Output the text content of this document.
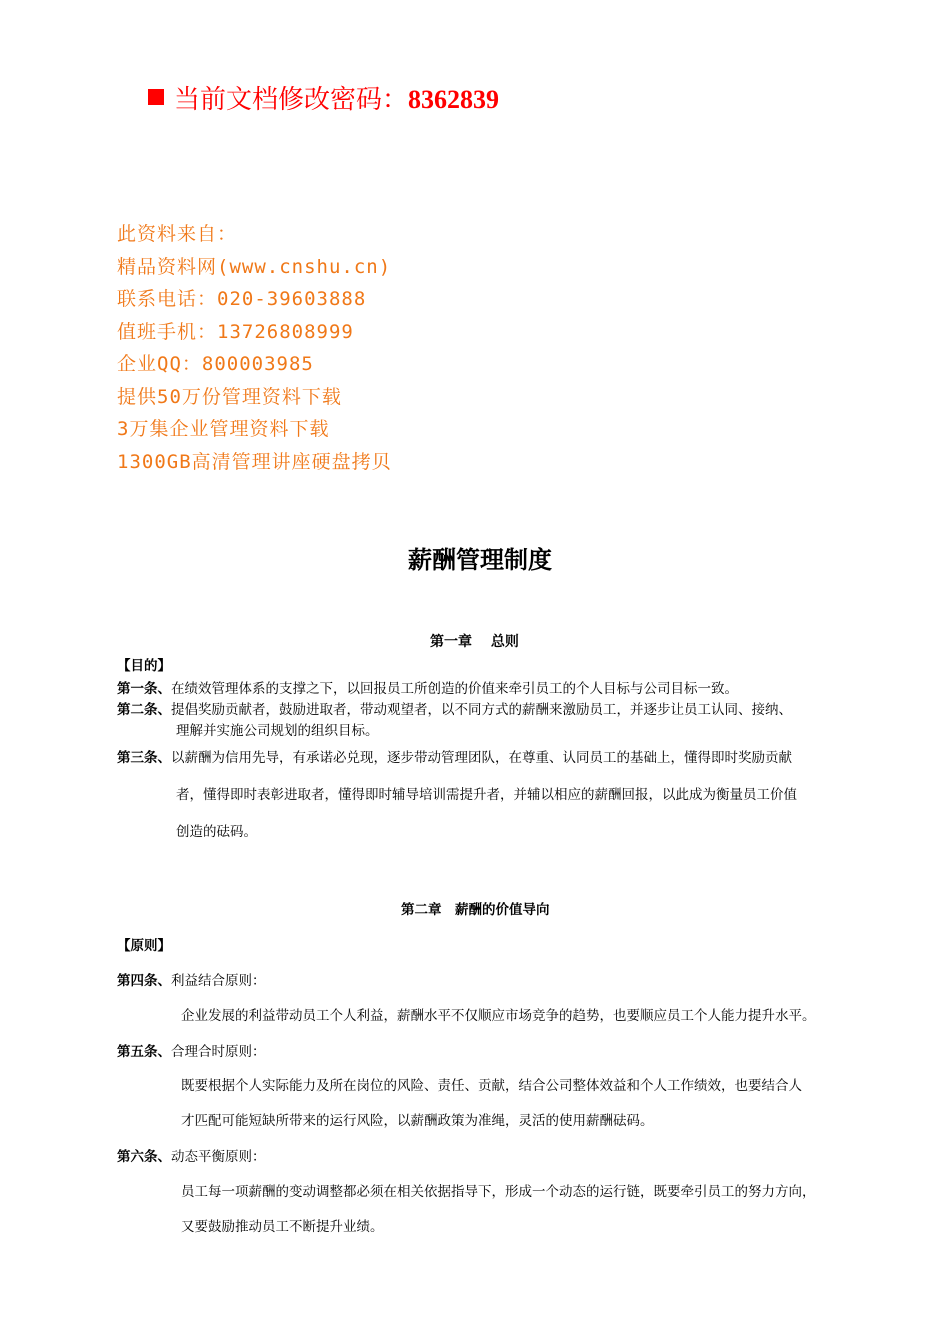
当前文档修改密码：8362839
此资料来自：
精品资料网(www.cnshu.cn)
联系电话：020-39603888
值班手机：13726808999
企业QQ：800003985
提供50万份管理资料下载
3万集企业管理资料下载
1300GB高清管理讲座硬盘拷贝
薪酬管理制度
第一章　 总则
【目的】
第一条、在绩效管理体系的支撑之下，以回报员工所创造的价值来牵引员工的个人目标与公司目标一致。
第二条、提倡奖励贡献者，鼓励进取者，带动观望者，以不同方式的薪酬来激励员工，并逐步让员工认同、接纳、
理解并实施公司规划的组织目标。
第三条、以薪酬为信用先导，有承诺必兑现，逐步带动管理团队，在尊重、认同员工的基础上，懂得即时奖励贡献
者，懂得即时表彰进取者，懂得即时辅导培训需提升者，并辅以相应的薪酬回报，以此成为衡量员工价值
创造的砝码。
第二章　薪酬的价值导向
【原则】
第四条、利益结合原则：
企业发展的利益带动员工个人利益，薪酬水平不仅顺应市场竞争的趋势，也要顺应员工个人能力提升水平。
第五条、合理合时原则：
既要根据个人实际能力及所在岗位的风险、责任、贡献，结合公司整体效益和个人工作绩效，也要结合人
才匹配可能短缺所带来的运行风险，以薪酬政策为准绳，灵活的使用薪酬砝码。
第六条、动态平衡原则：
员工每一项薪酬的变动调整都必须在相关依据指导下，形成一个动态的运行链，既要牵引员工的努力方向，
又要鼓励推动员工不断提升业绩。
